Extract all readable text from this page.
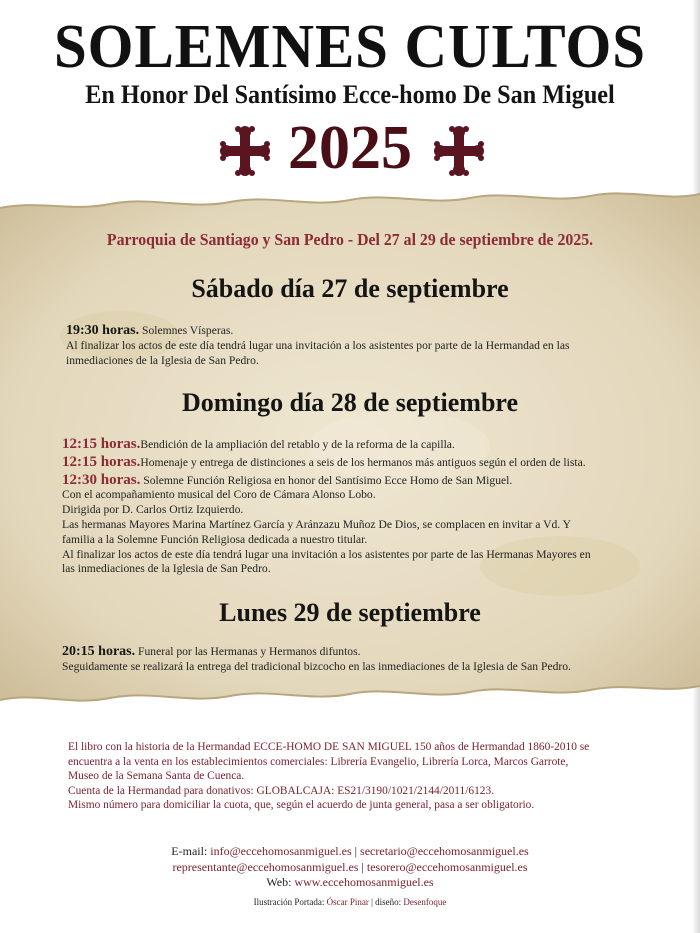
SOLEMNES CULTOS
En Honor Del Santísimo Ecce-homo De San Miguel
2025
Parroquia de Santiago y San Pedro - Del 27 al 29 de septiembre de 2025.
Sábado día 27 de septiembre

19:30 horas. Solemnes Vísperas.

Al finalizar los actos de este día tendrá lugar una invitación a los asistentes por parte de la Hermandad en las

inmediaciones de la Iglesia de San Pedro.

Domingo día 28 de septiembre

12:15 horas.Bendición de la ampliación del retablo y de la reforma de la capilla.

12:15 horas.Homenaje y entrega de distinciones a seis de los hermanos más antiguos según el orden de lista.

12:30 horas. Solemne Función Religiosa en honor del Santísimo Ecce Homo de San Miguel.

Con el acompañamiento musical del Coro de Cámara Alonso Lobo.

Dirigida por D. Carlos Ortiz Izquierdo.

Las hermanas Mayores Marina Martínez García y Aránzazu Muñoz De Dios, se complacen en invitar a Vd. Y

familia a la Solemne Función Religiosa dedicada a nuestro titular.

Al finalizar los actos de este día tendrá lugar una invitación a los asistentes por parte de las Hermanas Mayores en

las inmediaciones de la Iglesia de San Pedro.

Lunes 29 de septiembre

20:15 horas. Funeral por las Hermanas y Hermanos difuntos.

Seguidamente se realizará la entrega del tradicional bizcocho en las inmediaciones de la Iglesia de San Pedro.

El libro con la historia de la Hermandad ECCE-HOMO DE SAN MIGUEL 150 años de Hermandad 1860-2010 se

encuentra a la venta en los establecimientos comerciales: Librería Evangelio, Librería Lorca, Marcos Garrote,

Museo de la Semana Santa de Cuenca.

Cuenta de la Hermandad para donativos: GLOBALCAJA: ES21/3190/1021/2144/2011/6123.

Mismo número para domiciliar la cuota, que, según el acuerdo de junta general, pasa a ser obligatorio.

E-mail: info@eccehomosanmiguel.es | secretario@eccehomosanmiguel.es
representante@eccehomosanmiguel.es | tesorero@eccehomosanmiguel.es
Web: www.eccehomosanmiguel.es
Ilustración Portada: Óscar Pinar | diseño: Desenfoque
